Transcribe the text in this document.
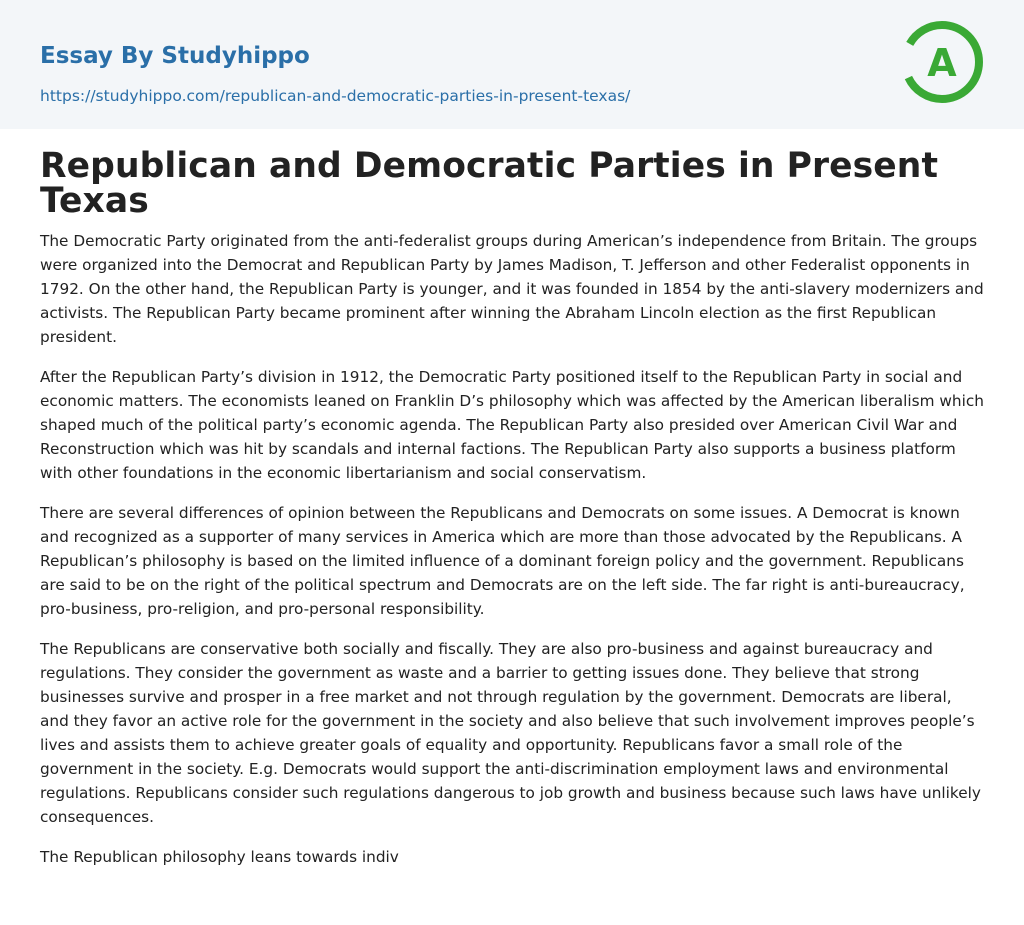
Essay By Studyhippo
https://studyhippo.com/republican-and-democratic-parties-in-present-texas/
A
Republican and Democratic Parties in Present Texas

The Democratic Party originated from the anti-federalist groups during American’s independence from Britain. The groups were organized into the Democrat and Republican Party by James Madison, T. Jefferson and other Federalist opponents in 1792. On the other hand, the Republican Party is younger, and it was founded in 1854 by the anti-slavery modernizers and activists. The Republican Party became prominent after winning the Abraham Lincoln election as the first Republican president.

After the Republican Party’s division in 1912, the Democratic Party positioned itself to the Republican Party in social and economic matters. The economists leaned on Franklin D’s philosophy which was affected by the American liberalism which shaped much of the political party’s economic agenda. The Republican Party also presided over American Civil War and Reconstruction which was hit by scandals and internal factions. The Republican Party also supports a business platform with other foundations in the economic libertarianism and social conservatism.

There are several differences of opinion between the Republicans and Democrats on some issues. A Democrat is known and recognized as a supporter of many services in America which are more than those advocated by the Republicans. A Republican’s philosophy is based on the limited influence of a dominant foreign policy and the government. Republicans are said to be on the right of the political spectrum and Democrats are on the left side. The far right is anti-bureaucracy, pro-business, pro-religion, and pro-personal responsibility.

The Republicans are conservative both socially and fiscally. They are also pro-business and against bureaucracy and regulations. They consider the government as waste and a barrier to getting issues done. They believe that strong businesses survive and prosper in a free market and not through regulation by the government. Democrats are liberal, and they favor an active role for the government in the society and also believe that such involvement improves people’s lives and assists them to achieve greater goals of equality and opportunity. Republicans favor a small role of the government in the society. E.g. Democrats would support the anti-discrimination employment laws and environmental regulations. Republicans consider such regulations dangerous to job growth and business because such laws have unlikely consequences.

The Republican philosophy leans towards indiv
